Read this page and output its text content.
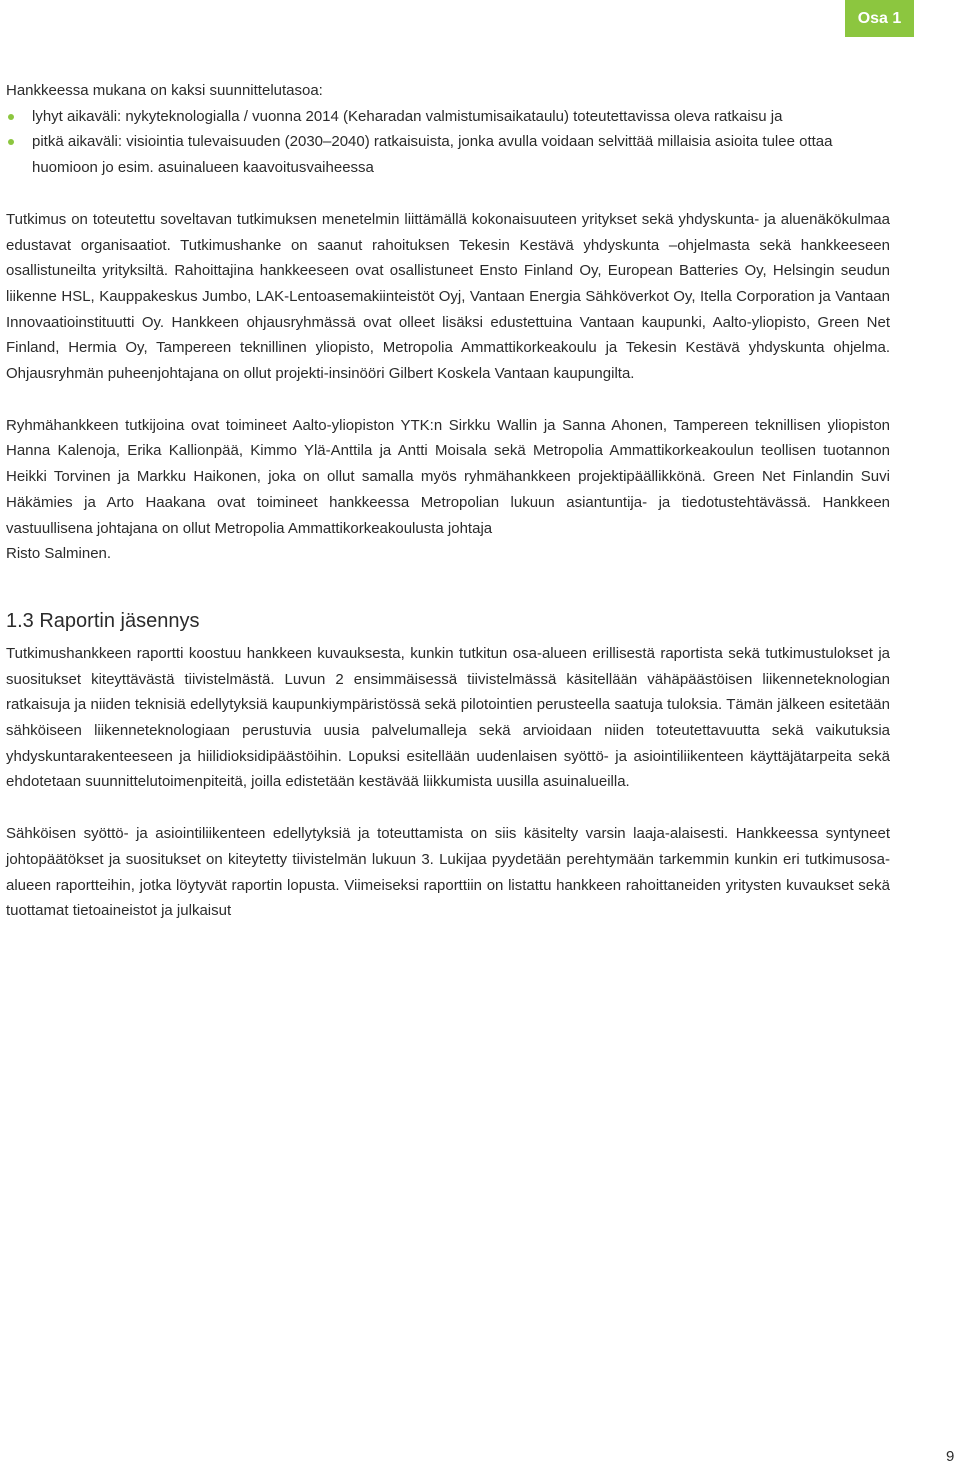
Osa 1

Hankkeessa mukana on kaksi suunnittelutasoa:

lyhyt aikaväli: nykyteknologialla / vuonna 2014 (Keharadan valmistumisaikataulu) toteutettavissa oleva ratkaisu ja
pitkä aikaväli: visiointia tulevaisuuden (2030–2040) ratkaisuista, jonka avulla voidaan selvittää millaisia asioita tulee ottaa huomioon jo esim. asuinalueen kaavoitusvaiheessa

Tutkimus on toteutettu soveltavan tutkimuksen menetelmin liittämällä kokonaisuuteen yritykset sekä yhdyskunta- ja aluenäkökulmaa edustavat organisaatiot. Tutkimushanke on saanut rahoituksen Tekesin Kestävä yhdyskunta –ohjelmasta sekä hankkeeseen osallistuneilta yrityksiltä. Rahoittajina hankkeeseen ovat osallistuneet Ensto Finland Oy, European Batteries Oy, Helsingin seudun liikenne HSL, Kauppakeskus Jumbo, LAK-Lentoasemakiinteistöt Oyj, Vantaan Energia Sähköverkot Oy, Itella Corporation ja Vantaan Innovaatioinstituutti Oy. Hankkeen ohjausryhmässä ovat olleet lisäksi edustettuina Vantaan kaupunki, Aalto-yliopisto, Green Net Finland, Hermia Oy, Tampereen teknillinen yliopisto, Metropolia Ammattikorkeakoulu ja Tekesin Kestävä yhdyskunta ohjelma. Ohjausryhmän puheenjohtajana on ollut projekti-insinööri Gilbert Koskela Vantaan kaupungilta.

Ryhmähankkeen tutkijoina ovat toimineet Aalto-yliopiston YTK:n Sirkku Wallin ja Sanna Ahonen, Tampereen teknillisen yliopiston Hanna Kalenoja, Erika Kallionpää, Kimmo Ylä-Anttila ja Antti Moisala sekä Metropolia Ammattikorkeakoulun teollisen tuotannon Heikki Torvinen ja Markku Haikonen, joka on ollut samalla myös ryhmähankkeen projektipäällikkönä. Green Net Finlandin Suvi Häkämies ja Arto Haakana ovat toimineet hankkeessa Metropolian lukuun asiantuntija- ja tiedotustehtävässä. Hankkeen vastuullisena johtajana on ollut Metropolia Ammattikorkeakoulusta johtaja

Risto Salminen.

1.3 Raportin jäsennys

Tutkimushankkeen raportti koostuu hankkeen kuvauksesta, kunkin tutkitun osa-alueen erillisestä raportista sekä tutkimustulokset ja suositukset kiteyttävästä tiivistelmästä. Luvun 2 ensimmäisessä tiivistelmässä käsitellään vähäpäästöisen liikenneteknologian ratkaisuja ja niiden teknisiä edellytyksiä kaupunkiympäristössä sekä pilotointien perusteella saatuja tuloksia. Tämän jälkeen esitetään sähköiseen liikenneteknologiaan perustuvia uusia palvelumalleja sekä arvioidaan niiden toteutettavuutta sekä vaikutuksia yhdyskuntarakenteeseen ja hiilidioksidipäästöihin. Lopuksi esitellään uudenlaisen syöttö- ja asiointiliikenteen käyttäjätarpeita sekä ehdotetaan suunnittelutoimenpiteitä, joilla edistetään kestävää liikkumista uusilla asuinalueilla.

Sähköisen syöttö- ja asiointiliikenteen edellytyksiä ja toteuttamista on siis käsitelty varsin laaja-alaisesti. Hankkeessa syntyneet johtopäätökset ja suositukset on kiteytetty tiivistelmän lukuun 3. Lukijaa pyydetään perehtymään tarkemmin kunkin eri tutkimusosa-alueen raportteihin, jotka löytyvät raportin lopusta. Viimeiseksi raporttiin on listattu hankkeen rahoittaneiden yritysten kuvaukset sekä tuottamat tietoaineistot ja julkaisut

9
